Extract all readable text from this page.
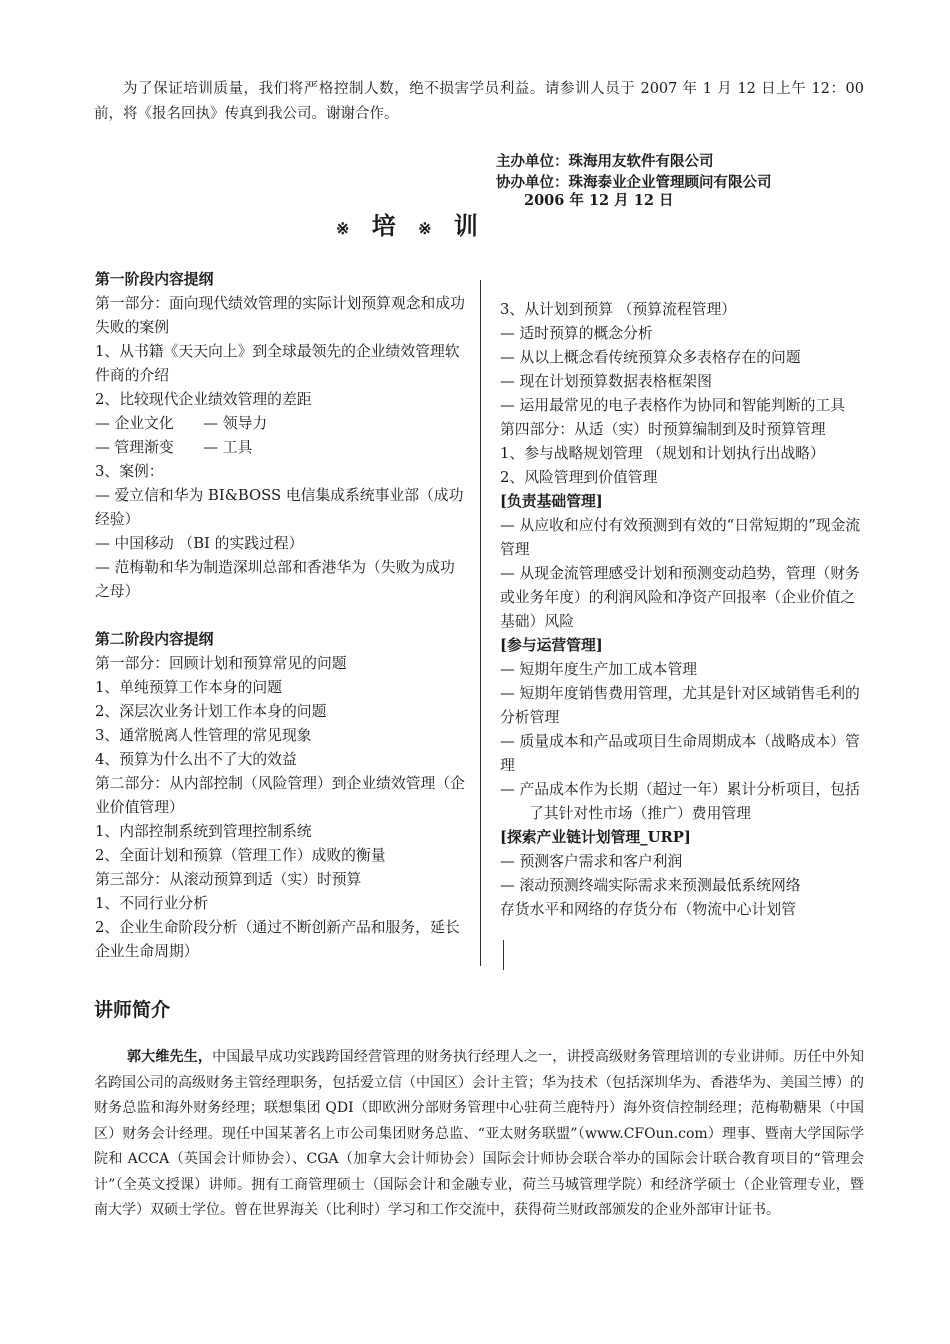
为了保证培训质量，我们将严格控制人数，绝不损害学员利益。请参训人员于 2007 年 1 月 12 日上午 12：00 前，将《报名回执》传真到我公司。谢谢合作。

主办单位：珠海用友软件有限公司
协办单位：珠海泰业企业管理顾问有限公司
2006 年 12 月 12 日
※ 培 ※ 训
第一阶段内容提纲
第一部分：面向现代绩效管理的实际计划预算观念和成功失败的案例
1、从书籍《天天向上》到全球最领先的企业绩效管理软件商的介绍
2、比较现代企业绩效管理的差距
— 企业文化　　— 领导力
— 管理渐变　　— 工具
3、案例：
— 爱立信和华为 BI&BOSS 电信集成系统事业部（成功经验）
— 中国移动 （BI 的实践过程）
— 范梅勒和华为制造深圳总部和香港华为（失败为成功之母）
第二阶段内容提纲
第一部分：回顾计划和预算常见的问题
1、单纯预算工作本身的问题
2、深层次业务计划工作本身的问题
3、通常脱离人性管理的常见现象
4、预算为什么出不了大的效益
第二部分：从内部控制（风险管理）到企业绩效管理（企业价值管理）
1、内部控制系统到管理控制系统
2、全面计划和预算（管理工作）成败的衡量
第三部分：从滚动预算到适（实）时预算
1、不同行业分析
2、企业生命阶段分析（通过不断创新产品和服务，延长企业生命周期）
3、从计划到预算 （预算流程管理）
— 适时预算的概念分析
— 从以上概念看传统预算众多表格存在的问题
— 现在计划预算数据表格框架图
— 运用最常见的电子表格作为协同和智能判断的工具
第四部分：从适（实）时预算编制到及时预算管理
1、参与战略规划管理 （规划和计划执行出战略）
2、风险管理到价值管理
[负责基础管理]
— 从应收和应付有效预测到有效的“日常短期的”现金流管理
— 从现金流管理感受计划和预测变动趋势，管理（财务或业务年度）的利润风险和净资产回报率（企业价值之基础）风险
[参与运营管理]
— 短期年度生产加工成本管理
— 短期年度销售费用管理，尤其是针对区域销售毛利的分析管理
— 质量成本和产品或项目生命周期成本（战略成本）管理
— 产品成本作为长期（超过一年）累计分析项目，包括了其针对性市场（推广）费用管理
[探索产业链计划管理_URP]
— 预测客户需求和客户利润
— 滚动预测终端实际需求来预测最低系统网络
存货水平和网络的存货分布（物流中心计划管
讲师简介

郭大维先生，中国最早成功实践跨国经营管理的财务执行经理人之一，讲授高级财务管理培训的专业讲师。历任中外知名跨国公司的高级财务主管经理职务，包括爱立信（中国区）会计主管；华为技术（包括深圳华为、香港华为、美国兰博）的财务总监和海外财务经理；联想集团 QDI（即欧洲分部财务管理中心驻荷兰鹿特丹）海外资信控制经理；范梅勒糖果（中国区）财务会计经理。现任中国某著名上市公司集团财务总监、“亚太财务联盟”（www.CFOun.com）理事、暨南大学国际学院和 ACCA（英国会计师协会）、CGA（加拿大会计师协会）国际会计师协会联合举办的国际会计联合教育项目的“管理会计”（全英文授课）讲师。拥有工商管理硕士（国际会计和金融专业，荷兰马城管理学院）和经济学硕士（企业管理专业，暨南大学）双硕士学位。曾在世界海关（比利时）学习和工作交流中，获得荷兰财政部颁发的企业外部审计证书。
